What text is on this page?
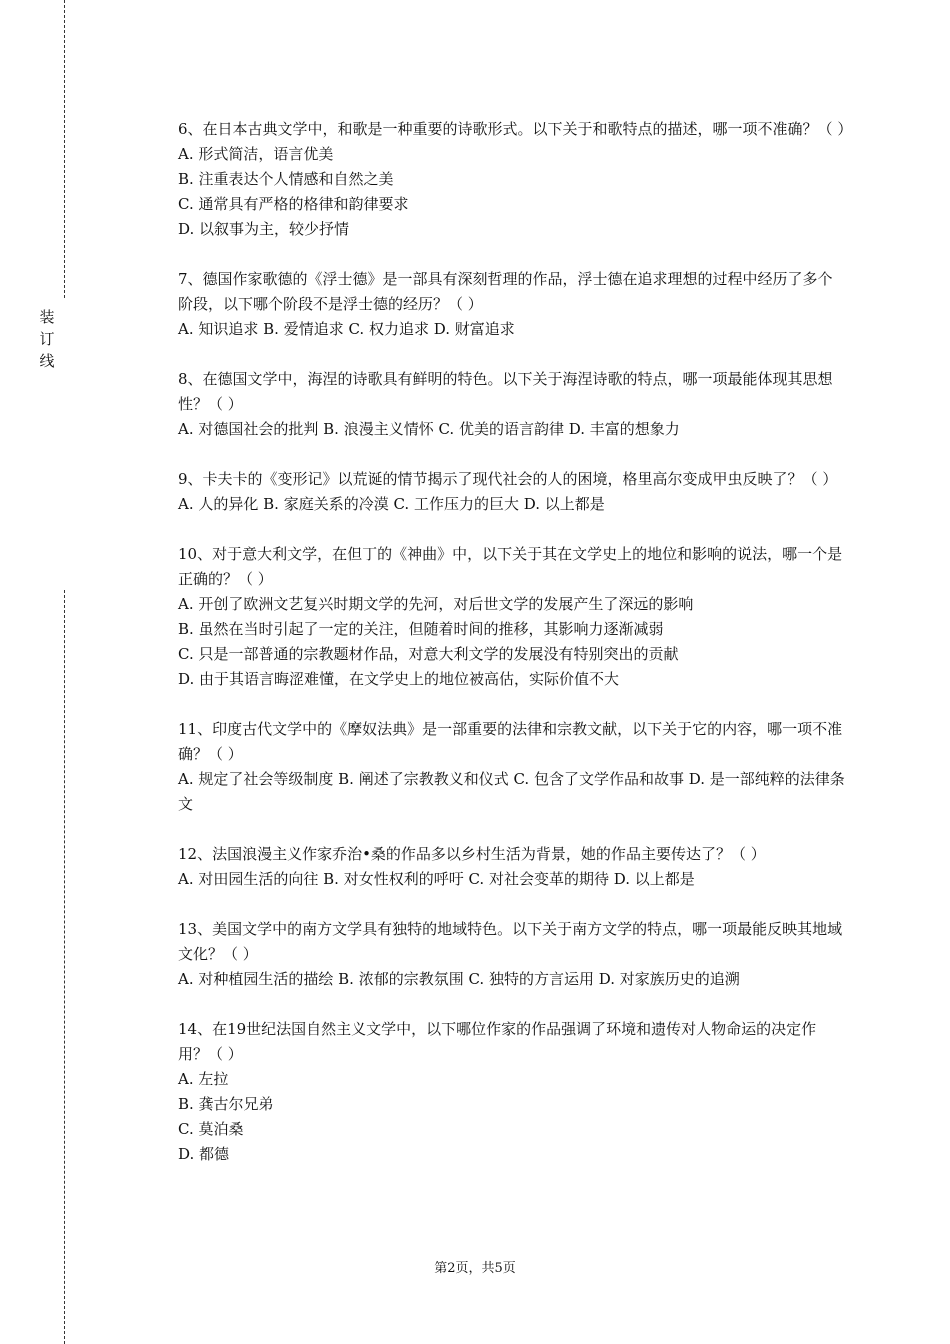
装订线

6、在日本古典文学中，和歌是一种重要的诗歌形式。以下关于和歌特点的描述，哪一项不准确？（ ）

A. 形式简洁，语言优美

B. 注重表达个人情感和自然之美

C. 通常具有严格的格律和韵律要求

D. 以叙事为主，较少抒情

7、德国作家歌德的《浮士德》是一部具有深刻哲理的作品，浮士德在追求理想的过程中经历了多个阶段，以下哪个阶段不是浮士德的经历？（ ）

A. 知识追求 B. 爱情追求 C. 权力追求 D. 财富追求

8、在德国文学中，海涅的诗歌具有鲜明的特色。以下关于海涅诗歌的特点，哪一项最能体现其思想性？（ ）

A. 对德国社会的批判 B. 浪漫主义情怀 C. 优美的语言韵律 D. 丰富的想象力

9、卡夫卡的《变形记》以荒诞的情节揭示了现代社会的人的困境，格里高尔变成甲虫反映了？（ ）

A. 人的异化 B. 家庭关系的冷漠 C. 工作压力的巨大 D. 以上都是

10、对于意大利文学，在但丁的《神曲》中，以下关于其在文学史上的地位和影响的说法，哪一个是正确的？（ ）

A. 开创了欧洲文艺复兴时期文学的先河，对后世文学的发展产生了深远的影响

B. 虽然在当时引起了一定的关注，但随着时间的推移，其影响力逐渐减弱

C. 只是一部普通的宗教题材作品，对意大利文学的发展没有特别突出的贡献

D. 由于其语言晦涩难懂，在文学史上的地位被高估，实际价值不大

11、印度古代文学中的《摩奴法典》是一部重要的法律和宗教文献，以下关于它的内容，哪一项不准确？（ ）

A. 规定了社会等级制度 B. 阐述了宗教教义和仪式 C. 包含了文学作品和故事 D. 是一部纯粹的法律条文

12、法国浪漫主义作家乔治•桑的作品多以乡村生活为背景，她的作品主要传达了？（ ）

A. 对田园生活的向往 B. 对女性权利的呼吁 C. 对社会变革的期待 D. 以上都是

13、美国文学中的南方文学具有独特的地域特色。以下关于南方文学的特点，哪一项最能反映其地域文化？（ ）

A. 对种植园生活的描绘 B. 浓郁的宗教氛围 C. 独特的方言运用 D. 对家族历史的追溯

14、在19世纪法国自然主义文学中，以下哪位作家的作品强调了环境和遗传对人物命运的决定作用？（ ）

A. 左拉

B. 龚古尔兄弟

C. 莫泊桑

D. 都德

第2页，共5页
